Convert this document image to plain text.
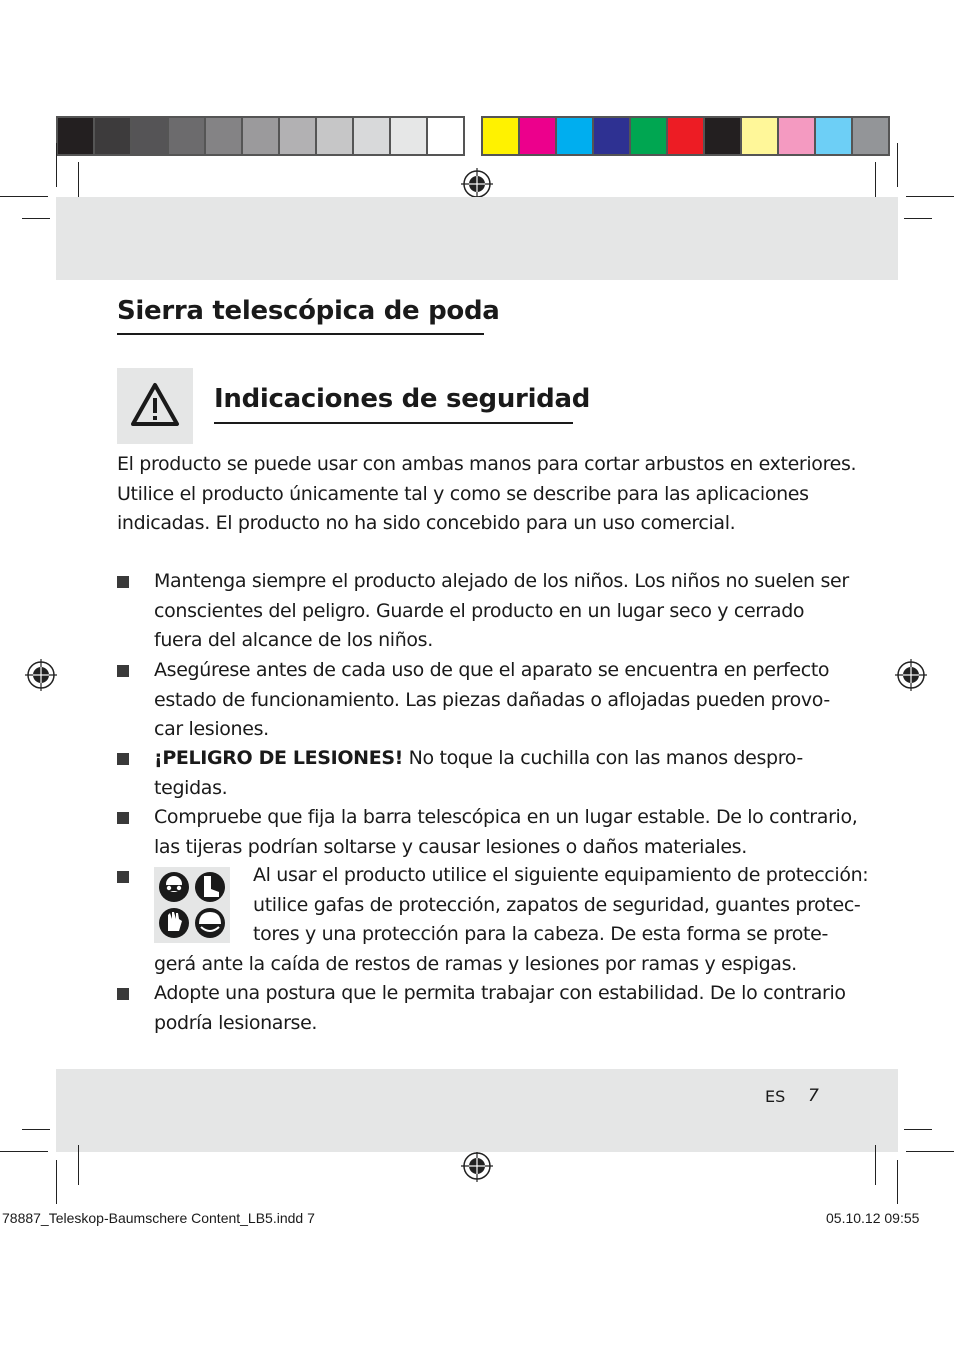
Sierra telescópica de poda
Indicaciones de seguridad
El producto se puede usar con ambas manos para cortar arbustos en exteriores.
Utilice el producto únicamente tal y como se describe para las aplicaciones
indicadas. El producto no ha sido concebido para un uso comercial.
Mantenga siempre el producto alejado de los niños. Los niños no suelen ser
conscientes del peligro. Guarde el producto en un lugar seco y cerrado
fuera del alcance de los niños.
Asegúrese antes de cada uso de que el aparato se encuentra en perfecto
estado de funcionamiento. Las piezas dañadas o aflojadas pueden provo-
car lesiones.
¡PELIGRO DE LESIONES! No toque la cuchilla con las manos despro-
tegidas.
Compruebe que fija la barra telescópica en un lugar estable. De lo contrario,
las tijeras podrían soltarse y causar lesiones o daños materiales.
Al usar el producto utilice el siguiente equipamiento de protección:
utilice gafas de protección, zapatos de seguridad, guantes protec-
tores y una protección para la cabeza. De esta forma se prote-
gerá ante la caída de restos de ramas y lesiones por ramas y espigas.
Adopte una postura que le permita trabajar con estabilidad. De lo contrario
podría lesionarse.
ES 7
78887_Teleskop-Baumschere Content_LB5.indd 7	05.10.12 09:55
